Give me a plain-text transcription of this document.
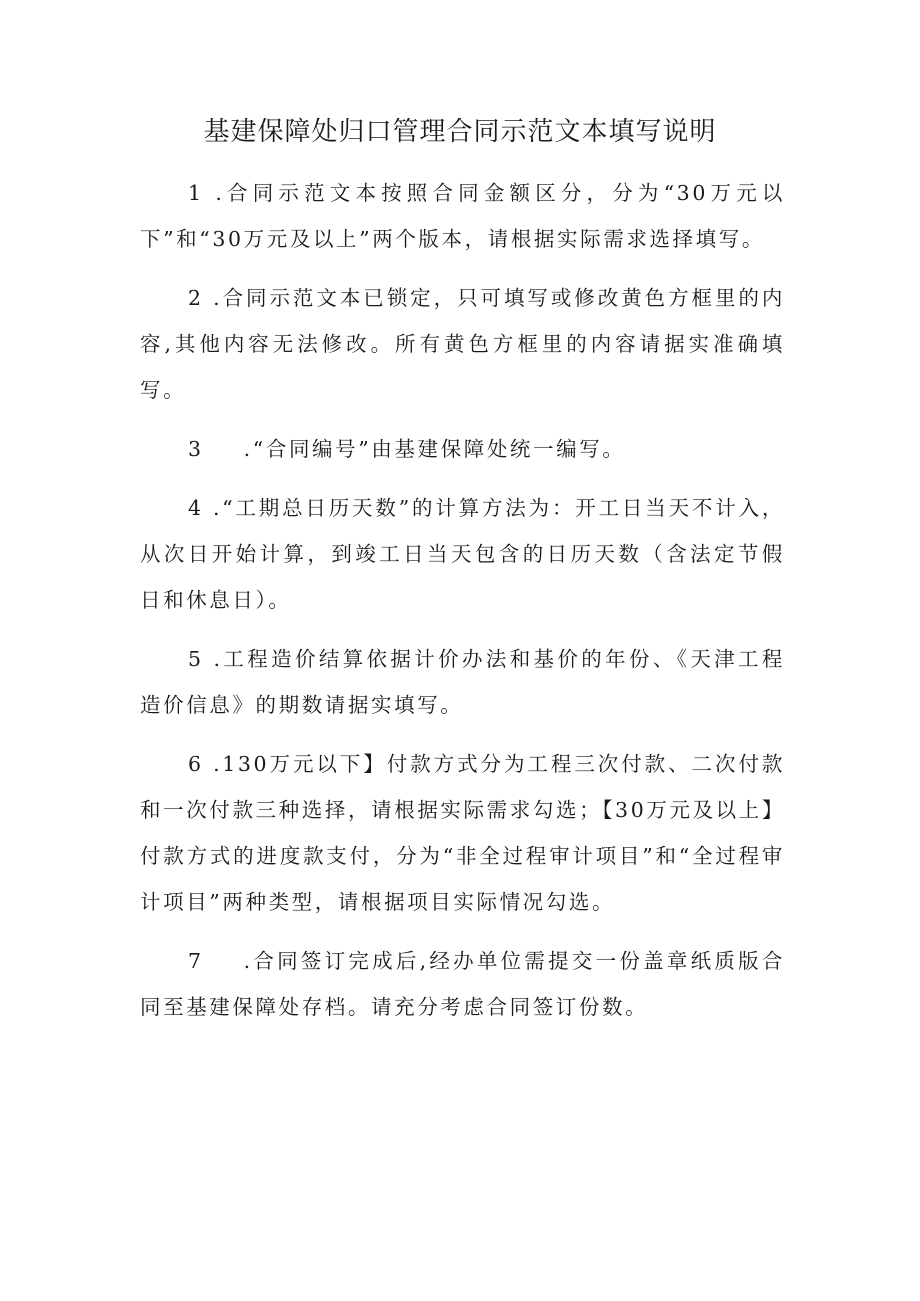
基建保障处归口管理合同示范文本填写说明

1 .合同示范文本按照合同金额区分，分为“30万元以下”和“30万元及以上”两个版本，请根据实际需求选择填写。

2 .合同示范文本已锁定，只可填写或修改黄色方框里的内容,其他内容无法修改。所有黄色方框里的内容请据实准确填写。

3 .“合同编号”由基建保障处统一编写。

4 .“工期总日历天数”的计算方法为：开工日当天不计入，从次日开始计算，到竣工日当天包含的日历天数（含法定节假日和休息日）。

5 .工程造价结算依据计价办法和基价的年份、《天津工程造价信息》的期数请据实填写。

6 .130万元以下】付款方式分为工程三次付款、二次付款和一次付款三种选择，请根据实际需求勾选；【30万元及以上】付款方式的进度款支付，分为“非全过程审计项目”和“全过程审计项目”两种类型，请根据项目实际情况勾选。

7 .合同签订完成后,经办单位需提交一份盖章纸质版合同至基建保障处存档。请充分考虑合同签订份数。
